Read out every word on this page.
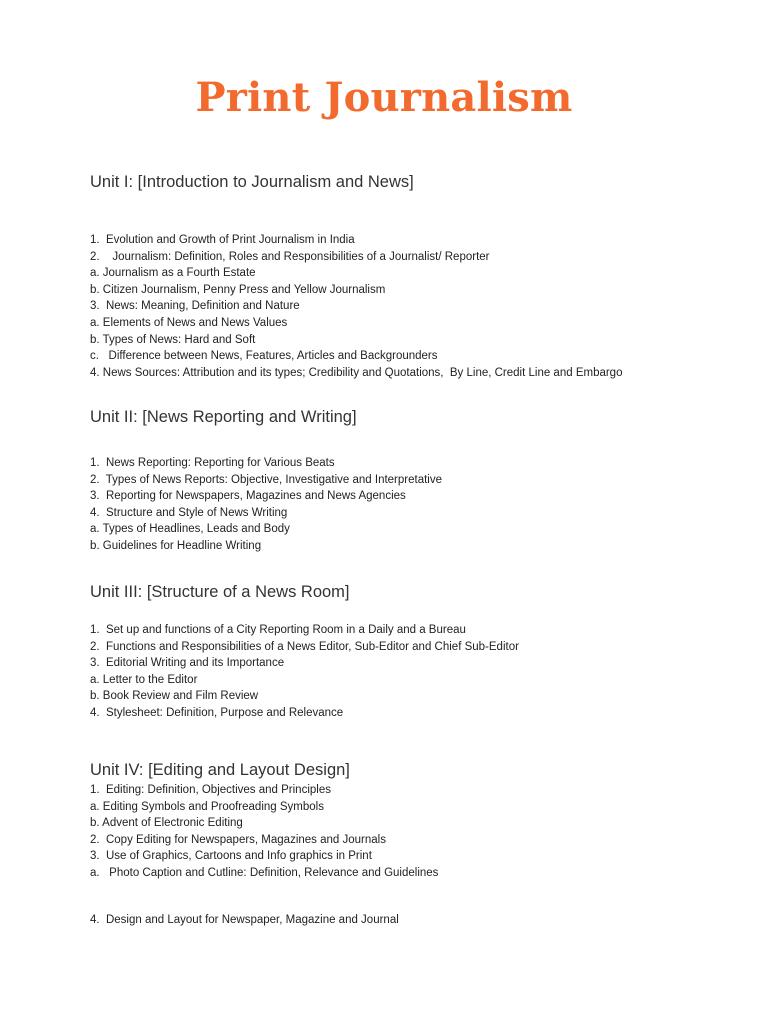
Print Journalism
Unit I: [Introduction to Journalism and News]
1.  Evolution and Growth of Print Journalism in India
2.    Journalism: Definition, Roles and Responsibilities of a Journalist/ Reporter
a. Journalism as a Fourth Estate
b. Citizen Journalism, Penny Press and Yellow Journalism
3.  News: Meaning, Definition and Nature
a. Elements of News and News Values
b. Types of News: Hard and Soft
c.   Difference between News, Features, Articles and Backgrounders
4. News Sources: Attribution and its types; Credibility and Quotations,  By Line, Credit Line and Embargo
Unit II: [News Reporting and Writing]
1.  News Reporting: Reporting for Various Beats
2.  Types of News Reports: Objective, Investigative and Interpretative
3.  Reporting for Newspapers, Magazines and News Agencies
4.  Structure and Style of News Writing
a. Types of Headlines, Leads and Body
b. Guidelines for Headline Writing
Unit III: [Structure of a News Room]
1.  Set up and functions of a City Reporting Room in a Daily and a Bureau
2.  Functions and Responsibilities of a News Editor, Sub-Editor and Chief Sub-Editor
3.  Editorial Writing and its Importance
a. Letter to the Editor
b. Book Review and Film Review
4.  Stylesheet: Definition, Purpose and Relevance
Unit IV: [Editing and Layout Design]
1.  Editing: Definition, Objectives and Principles
a. Editing Symbols and Proofreading Symbols
b. Advent of Electronic Editing
2.  Copy Editing for Newspapers, Magazines and Journals
3.  Use of Graphics, Cartoons and Info graphics in Print
a.   Photo Caption and Cutline: Definition, Relevance and Guidelines
4.  Design and Layout for Newspaper, Magazine and Journal
